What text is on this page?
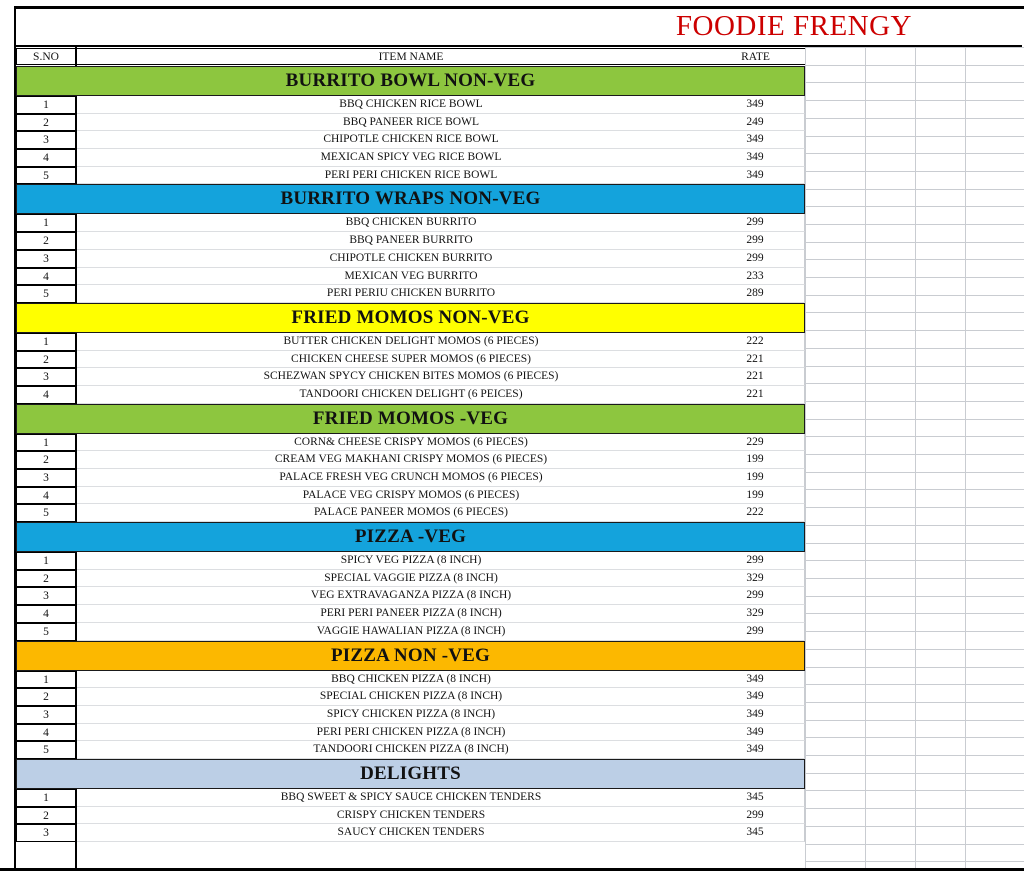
FOODIE FRENGY
S.NO	ITEM NAME	RATE
BURRITO BOWL NON-VEG
1	BBQ CHICKEN RICE BOWL	349
2	BBQ PANEER RICE BOWL	249
3	CHIPOTLE CHICKEN RICE BOWL	349
4	MEXICAN SPICY VEG RICE BOWL	349
5	PERI PERI CHICKEN RICE BOWL	349
BURRITO WRAPS NON-VEG
1	BBQ CHICKEN BURRITO	299
2	BBQ PANEER BURRITO	299
3	CHIPOTLE CHICKEN BURRITO	299
4	MEXICAN VEG BURRITO	233
5	PERI PERIU CHICKEN BURRITO	289
FRIED MOMOS NON-VEG
1	BUTTER CHICKEN DELIGHT MOMOS (6 PIECES)	222
2	CHICKEN CHEESE SUPER MOMOS (6 PIECES)	221
3	SCHEZWAN SPYCY CHICKEN BITES MOMOS (6 PIECES)	221
4	TANDOORI CHICKEN DELIGHT (6 PEICES)	221
FRIED MOMOS -VEG
1	CORN& CHEESE CRISPY MOMOS (6 PIECES)	229
2	CREAM VEG MAKHANI CRISPY MOMOS (6 PIECES)	199
3	PALACE FRESH VEG CRUNCH MOMOS (6 PIECES)	199
4	PALACE VEG CRISPY MOMOS (6 PIECES)	199
5	PALACE PANEER MOMOS (6 PIECES)	222
PIZZA -VEG
1	SPICY VEG PIZZA (8 INCH)	299
2	SPECIAL VAGGIE PIZZA (8 INCH)	329
3	VEG EXTRAVAGANZA PIZZA (8 INCH)	299
4	PERI PERI PANEER PIZZA (8 INCH)	329
5	VAGGIE HAWALIAN PIZZA (8 INCH)	299
PIZZA NON -VEG
1	BBQ CHICKEN PIZZA (8 INCH)	349
2	SPECIAL CHICKEN PIZZA (8 INCH)	349
3	SPICY CHICKEN PIZZA (8 INCH)	349
4	PERI PERI CHICKEN PIZZA (8 INCH)	349
5	TANDOORI CHICKEN PIZZA (8 INCH)	349
DELIGHTS
1	BBQ SWEET & SPICY SAUCE CHICKEN TENDERS	345
2	CRISPY CHICKEN TENDERS	299
3	SAUCY CHICKEN TENDERS	345
